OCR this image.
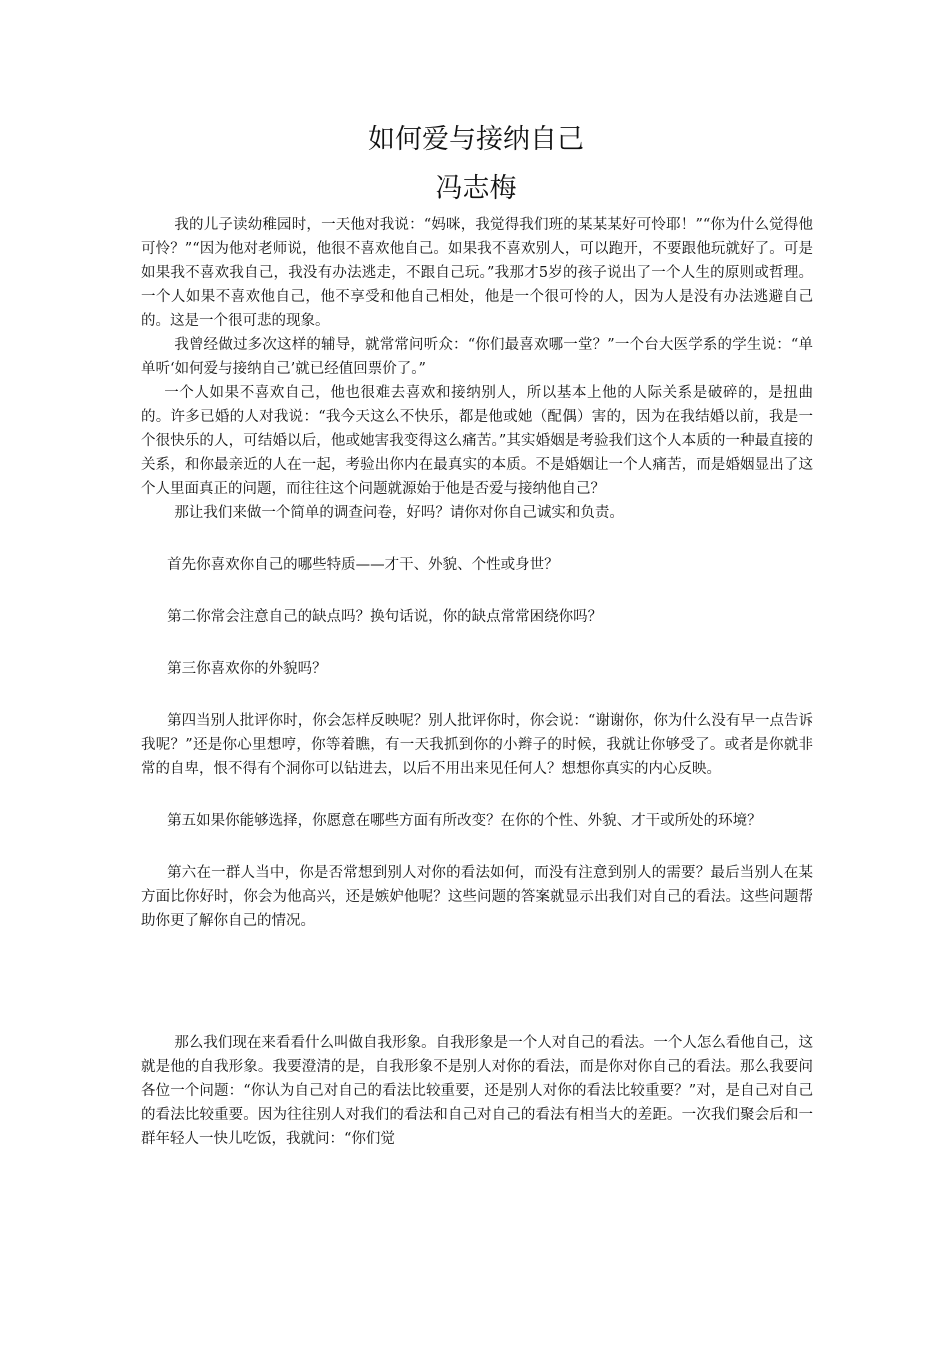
如何爱与接纳自己
冯志梅

我的儿子读幼稚园时，一天他对我说：“妈咪，我觉得我们班的某某某好可怜耶！”“你为什么觉得他可怜？”“因为他对老师说，他很不喜欢他自己。如果我不喜欢别人，可以跑开，不要跟他玩就好了。可是如果我不喜欢我自己，我没有办法逃走，不跟自己玩。”我那才5岁的孩子说出了一个人生的原则或哲理。一个人如果不喜欢他自己，他不享受和他自己相处，他是一个很可怜的人，因为人是没有办法逃避自己的。这是一个很可悲的现象。

我曾经做过多次这样的辅导，就常常问听众：“你们最喜欢哪一堂？”一个台大医学系的学生说：“单单听‘如何爱与接纳自己’就已经值回票价了。”

一个人如果不喜欢自己，他也很难去喜欢和接纳别人，所以基本上他的人际关系是破碎的，是扭曲的。许多已婚的人对我说：“我今天这么不快乐，都是他或她（配偶）害的，因为在我结婚以前，我是一个很快乐的人，可结婚以后，他或她害我变得这么痛苦。”其实婚姻是考验我们这个人本质的一种最直接的关系，和你最亲近的人在一起，考验出你内在最真实的本质。不是婚姻让一个人痛苦，而是婚姻显出了这个人里面真正的问题，而往往这个问题就源始于他是否爱与接纳他自己？

那让我们来做一个简单的调查问卷，好吗？请你对你自己诚实和负责。

首先你喜欢你自己的哪些特质——才干、外貌、个性或身世？

第二你常会注意自己的缺点吗？换句话说，你的缺点常常困绕你吗？

第三你喜欢你的外貌吗？

第四当别人批评你时，你会怎样反映呢？别人批评你时，你会说：“谢谢你，你为什么没有早一点告诉我呢？”还是你心里想哼，你等着瞧，有一天我抓到你的小辫子的时候，我就让你够受了。或者是你就非常的自卑，恨不得有个洞你可以钻进去，以后不用出来见任何人？想想你真实的内心反映。

第五如果你能够选择，你愿意在哪些方面有所改变？在你的个性、外貌、才干或所处的环境？

第六在一群人当中，你是否常想到别人对你的看法如何，而没有注意到别人的需要？最后当别人在某方面比你好时，你会为他高兴，还是嫉妒他呢？这些问题的答案就显示出我们对自己的看法。这些问题帮助你更了解你自己的情况。

那么我们现在来看看什么叫做自我形象。自我形象是一个人对自己的看法。一个人怎么看他自己，这就是他的自我形象。我要澄清的是，自我形象不是别人对你的看法，而是你对你自己的看法。那么我要问各位一个问题：“你认为自己对自己的看法比较重要，还是别人对你的看法比较重要？”对，是自己对自己的看法比较重要。因为往往别人对我们的看法和自己对自己的看法有相当大的差距。一次我们聚会后和一群年轻人一快儿吃饭，我就问：“你们觉
